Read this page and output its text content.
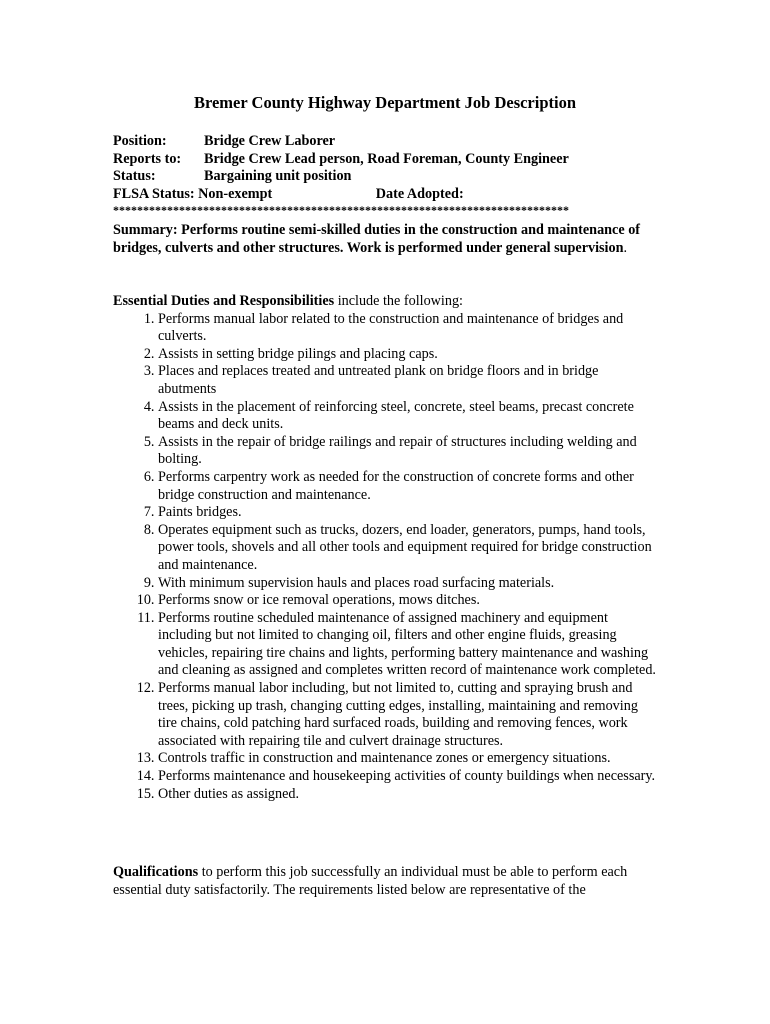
Bremer County Highway Department Job Description
Position:	Bridge Crew Laborer
Reports to: Bridge Crew Lead person, Road Foreman, County Engineer
Status:	Bargaining unit position
FLSA Status: Non-exempt	Date Adopted:
****************************************************************************
Summary: Performs routine semi-skilled duties in the construction and maintenance of bridges, culverts and other structures. Work is performed under general supervision.

Essential Duties and Responsibilities include the following:

1. Performs manual labor related to the construction and maintenance of bridges and culverts.
2. Assists in setting bridge pilings and placing caps.
3. Places and replaces treated and untreated plank on bridge floors and in bridge abutments
4. Assists in the placement of reinforcing steel, concrete, steel beams, precast concrete beams and deck units.
5. Assists in the repair of bridge railings and repair of structures including welding and bolting.
6. Performs carpentry work as needed for the construction of concrete forms and other bridge construction and maintenance.
7. Paints bridges.
8. Operates equipment such as trucks, dozers, end loader, generators, pumps, hand tools, power tools, shovels and all other tools and equipment required for bridge construction and maintenance.
9. With minimum supervision hauls and places road surfacing materials.
10. Performs snow or ice removal operations, mows ditches.
11. Performs routine scheduled maintenance of assigned machinery and equipment including but not limited to changing oil, filters and other engine fluids, greasing vehicles, repairing tire chains and lights, performing battery maintenance and washing and cleaning as assigned and completes written record of maintenance work completed.
12. Performs manual labor including, but not limited to, cutting and spraying brush and trees, picking up trash, changing cutting edges, installing, maintaining and removing tire chains, cold patching hard surfaced roads, building and removing fences, work associated with repairing tile and culvert drainage structures.
13. Controls traffic in construction and maintenance zones or emergency situations.
14. Performs maintenance and housekeeping activities of county buildings when necessary.
15. Other duties as assigned.
Qualifications to perform this job successfully an individual must be able to perform each essential duty satisfactorily. The requirements listed below are representative of the
